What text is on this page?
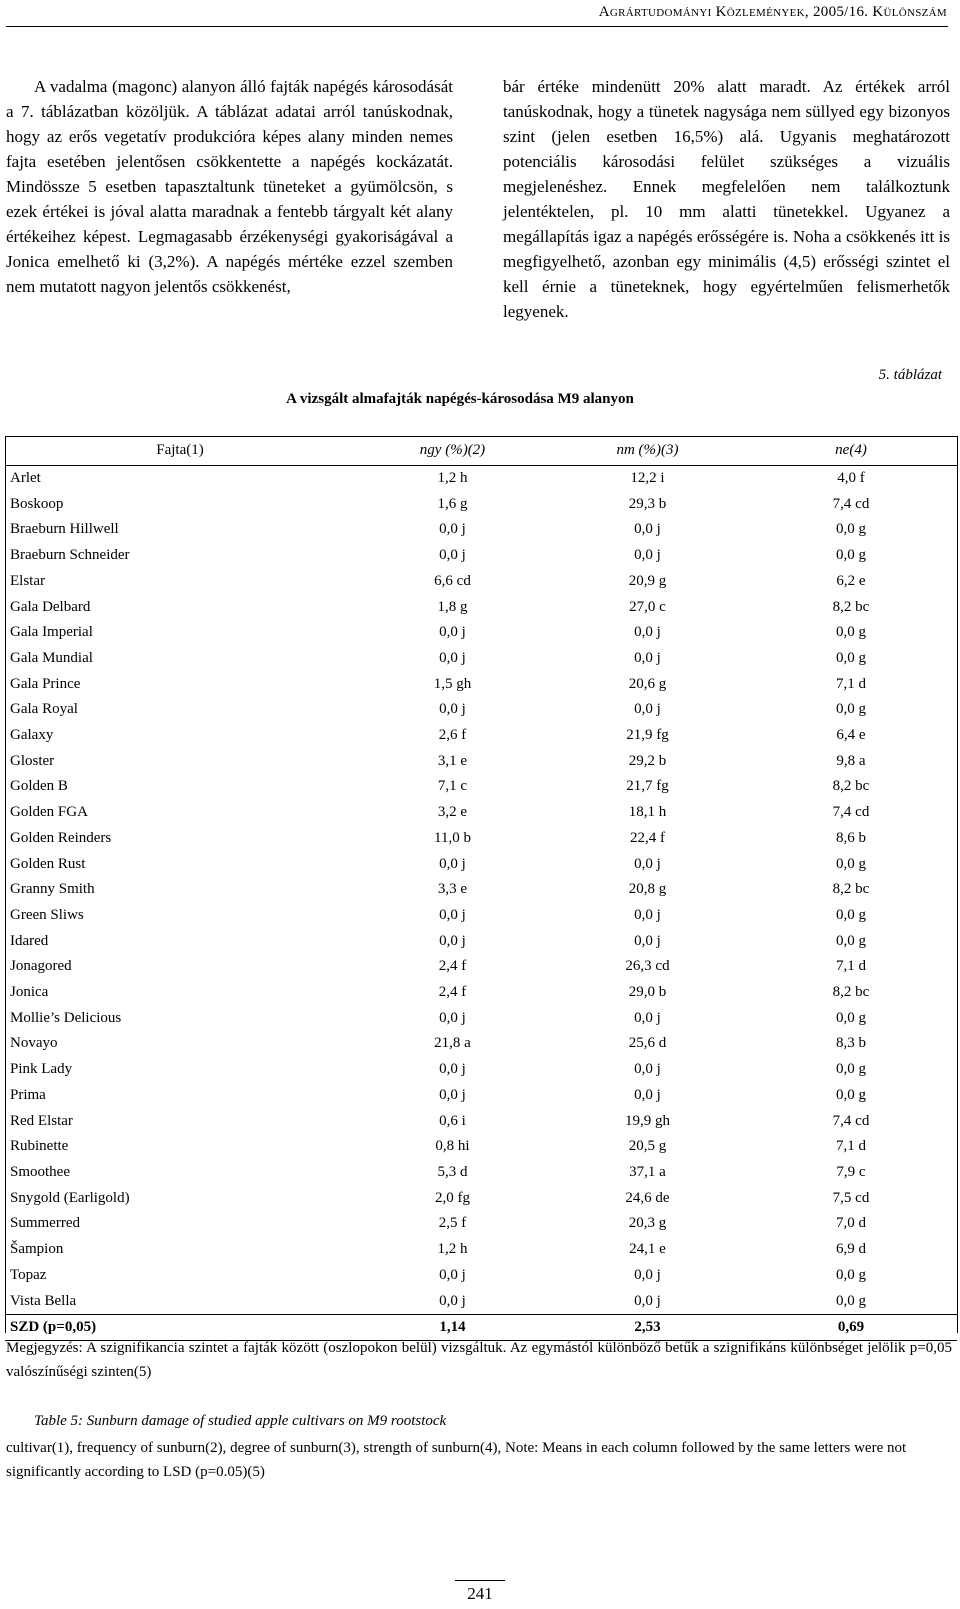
Agrártudományi Közlemények, 2005/16. Különszám
A vadalma (magonc) alanyon álló fajták napégés károsodását a 7. táblázatban közöljük. A táblázat adatai arról tanúskodnak, hogy az erős vegetatív produkcióra képes alany minden nemes fajta esetében jelentősen csökkentette a napégés kockázatát. Mindössze 5 esetben tapasztaltunk tüneteket a gyümölcsön, s ezek értékei is jóval alatta maradnak a fentebb tárgyalt két alany értékeihez képest. Legmagasabb érzékenységi gyakoriságával a Jonica emelhető ki (3,2%). A napégés mértéke ezzel szemben nem mutatott nagyon jelentős csökkenést,
bár értéke mindenütt 20% alatt maradt. Az értékek arról tanúskodnak, hogy a tünetek nagysága nem süllyed egy bizonyos szint (jelen esetben 16,5%) alá. Ugyanis meghatározott potenciális károsodási felület szükséges a vizuális megjelenéshez. Ennek megfelelően nem találkoztunk jelentéktelen, pl. 10 mm alatti tünetekkel. Ugyanez a megállapítás igaz a napégés erősségére is. Noha a csökkenés itt is megfigyelhető, azonban egy minimális (4,5) erősségi szintet el kell érnie a tüneteknek, hogy egyértelműen felismerhetők legyenek.
5. táblázat
A vizsgált almafajták napégés-károsodása M9 alanyon
Fajta(1)	ngy (%)(2)	nm (%)(3)	ne(4)
Arlet	1,2 h	12,2 i	4,0 f
Boskoop	1,6 g	29,3 b	7,4 cd
Braeburn Hillwell	0,0 j	0,0 j	0,0 g
Braeburn Schneider	0,0 j	0,0 j	0,0 g
Elstar	6,6 cd	20,9 g	6,2 e
Gala Delbard	1,8 g	27,0 c	8,2 bc
Gala Imperial	0,0 j	0,0 j	0,0 g
Gala Mundial	0,0 j	0,0 j	0,0 g
Gala Prince	1,5 gh	20,6 g	7,1 d
Gala Royal	0,0 j	0,0 j	0,0 g
Galaxy	2,6 f	21,9 fg	6,4 e
Gloster	3,1 e	29,2 b	9,8 a
Golden B	7,1 c	21,7 fg	8,2 bc
Golden FGA	3,2 e	18,1 h	7,4 cd
Golden Reinders	11,0 b	22,4 f	8,6 b
Golden Rust	0,0 j	0,0 j	0,0 g
Granny Smith	3,3 e	20,8 g	8,2 bc
Green Sliws	0,0 j	0,0 j	0,0 g
Idared	0,0 j	0,0 j	0,0 g
Jonagored	2,4 f	26,3 cd	7,1 d
Jonica	2,4 f	29,0 b	8,2 bc
Mollie’s Delicious	0,0 j	0,0 j	0,0 g
Novayo	21,8 a	25,6 d	8,3 b
Pink Lady	0,0 j	0,0 j	0,0 g
Prima	0,0 j	0,0 j	0,0 g
Red Elstar	0,6 i	19,9 gh	7,4 cd
Rubinette	0,8 hi	20,5 g	7,1 d
Smoothee	5,3 d	37,1 a	7,9 c
Snygold (Earligold)	2,0 fg	24,6 de	7,5 cd
Summerred	2,5 f	20,3 g	7,0 d
Šampion	1,2 h	24,1 e	6,9 d
Topaz	0,0 j	0,0 j	0,0 g
Vista Bella	0,0 j	0,0 j	0,0 g
SZD (p=0,05)	1,14	2,53	0,69
Megjegyzés: A szignifikancia szintet a fajták között (oszlopokon belül) vizsgáltuk. Az egymástól különböző betűk a szignifikáns különbséget jelölik p=0,05 valószínűségi szinten(5)
Table 5: Sunburn damage of studied apple cultivars on M9 rootstock
cultivar(1), frequency of sunburn(2), degree of sunburn(3), strength of sunburn(4), Note: Means in each column followed by the same letters were not significantly according to LSD (p=0.05)(5)
241
